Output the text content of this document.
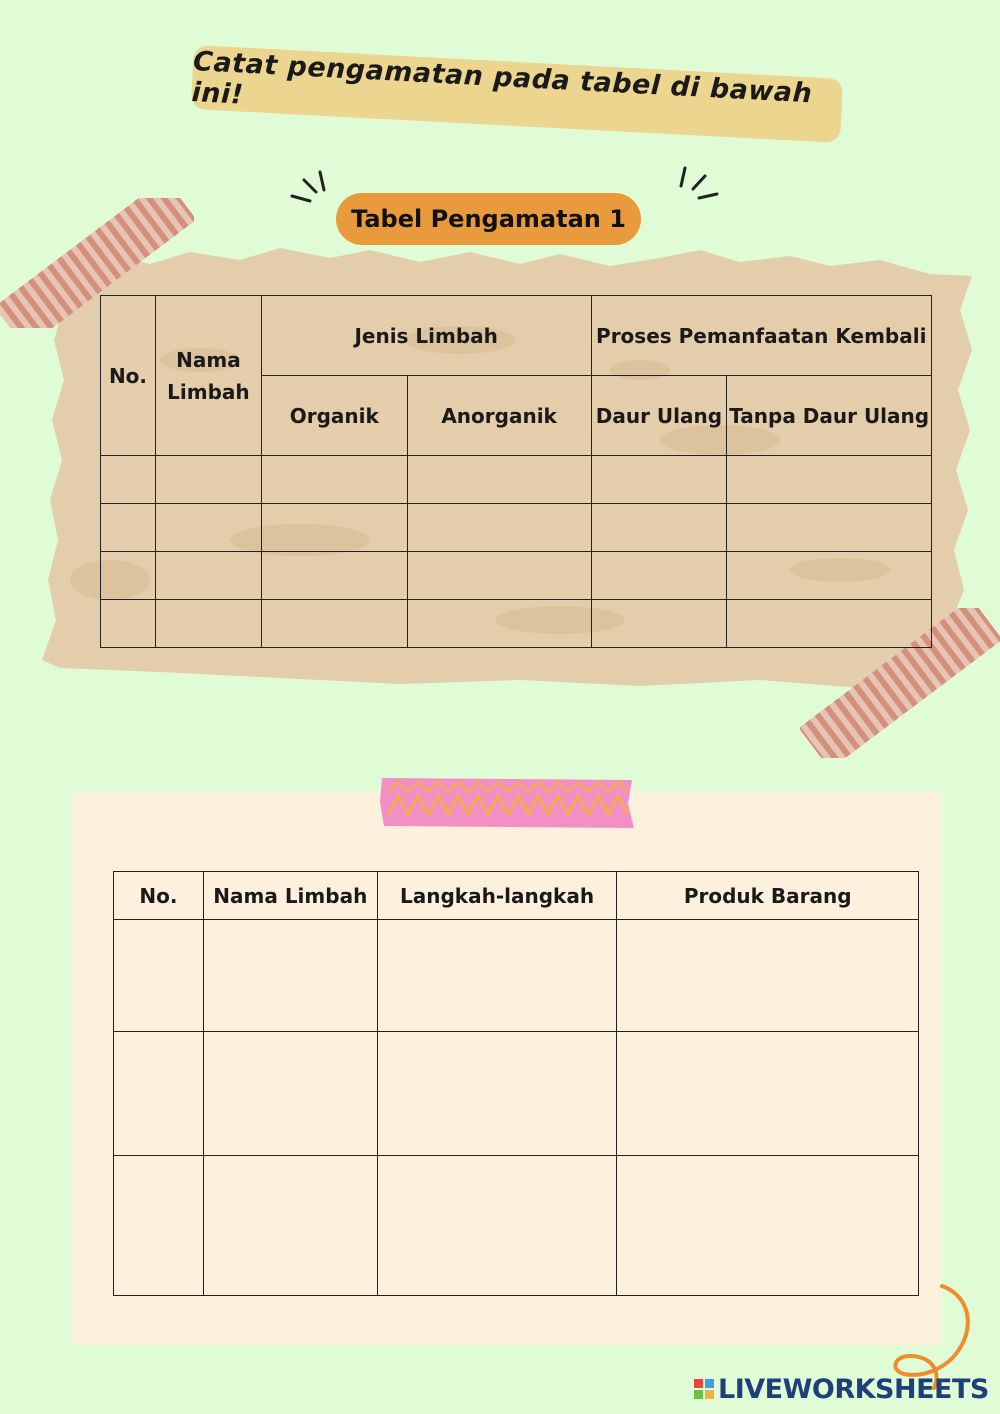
Catat pengamatan pada tabel di bawah ini!
Tabel Pengamatan 1
No.	Nama Limbah	Jenis Limbah		Proses Pemanfaatan Kembali	
		Organik	Anorganik	Daur Ulang	Tanpa Daur Ulang

No.	Nama Limbah	Langkah-langkah	Produk Barang

LIVEWORKSHEETS
